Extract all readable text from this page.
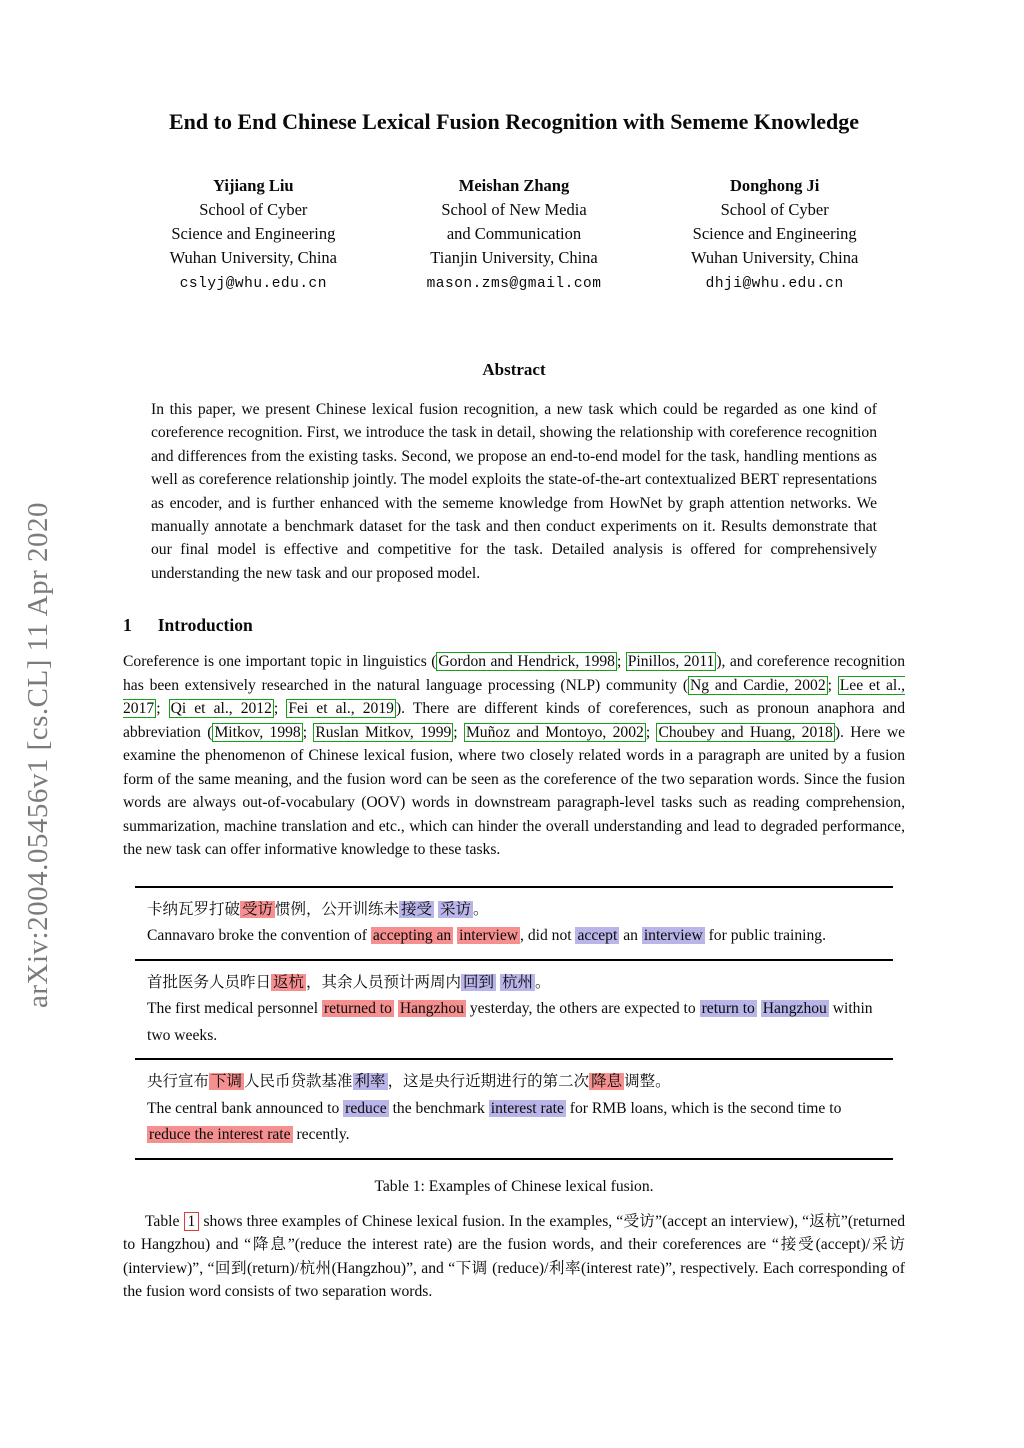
arXiv:2004.05456v1 [cs.CL] 11 Apr 2020
End to End Chinese Lexical Fusion Recognition with Sememe Knowledge
Yijiang Liu
School of Cyber
Science and Engineering
Wuhan University, China
cslyj@whu.edu.cn
Meishan Zhang
School of New Media
and Communication
Tianjin University, China
mason.zms@gmail.com
Donghong Ji
School of Cyber
Science and Engineering
Wuhan University, China
dhji@whu.edu.cn
Abstract
In this paper, we present Chinese lexical fusion recognition, a new task which could be regarded as one kind of coreference recognition. First, we introduce the task in detail, showing the relationship with coreference recognition and differences from the existing tasks. Second, we propose an end-to-end model for the task, handling mentions as well as coreference relationship jointly. The model exploits the state-of-the-art contextualized BERT representations as encoder, and is further enhanced with the sememe knowledge from HowNet by graph attention networks. We manually annotate a benchmark dataset for the task and then conduct experiments on it. Results demonstrate that our final model is effective and competitive for the task. Detailed analysis is offered for comprehensively understanding the new task and our proposed model.
1 Introduction
Coreference is one important topic in linguistics ( Gordon and Hendrick, 1998 ; Pinillos, 2011 ), and coreference recognition has been extensively researched in the natural language processing (NLP) community ( Ng and Cardie, 2002 ; Lee et al., 2017 ; Qi et al., 2012 ; Fei et al., 2019 ). There are different kinds of coreferences, such as pronoun anaphora and abbreviation ( Mitkov, 1998 ; Ruslan Mitkov, 1999 ; Muñoz and Montoyo, 2002 ; Choubey and Huang, 2018 ). Here we examine the phenomenon of Chinese lexical fusion, where two closely related words in a paragraph are united by a fusion form of the same meaning, and the fusion word can be seen as the coreference of the two separation words. Since the fusion words are always out-of-vocabulary (OOV) words in downstream paragraph-level tasks such as reading comprehension, summarization, machine translation and etc., which can hinder the overall understanding and lead to degraded performance, the new task can offer informative knowledge to these tasks.
卡纳瓦罗打破 受访 惯例，公开训练未 接受 采访 。
Cannavaro broke the convention of accepting an interview , did not accept an interview for public training.
首批医务人员昨日 返杭 ，其余人员预计两周内 回到 杭州 。
The first medical personnel returned to Hangzhou yesterday, the others are expected to return to Hangzhou within two weeks.
央行宣布 下调 人民币贷款基准 利率 ，这是央行近期进行的第二次 降息 调整。
The central bank announced to reduce the benchmark interest rate for RMB loans, which is the second time to reduce the interest rate recently.
Table 1: Examples of Chinese lexical fusion.
Table 1 shows three examples of Chinese lexical fusion. In the examples, “受访”(accept an interview), “返杭”(returned to Hangzhou) and “降息”(reduce the interest rate) are the fusion words, and their coreferences are “接受(accept)/采访(interview)”, “回到(return)/杭州(Hangzhou)”, and “下调 (reduce)/利率(interest rate)”, respectively. Each corresponding of the fusion word consists of two separation words.
